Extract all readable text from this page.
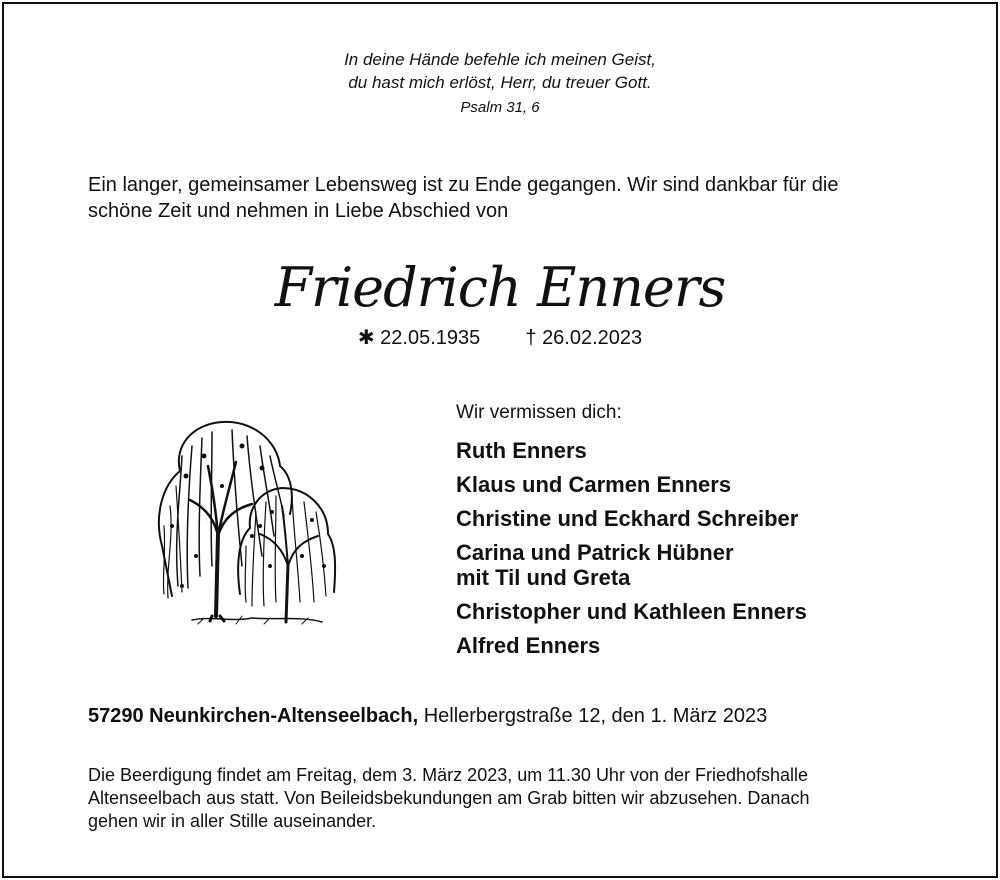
In deine Hände befehle ich meinen Geist,
du hast mich erlöst, Herr, du treuer Gott.
Psalm 31, 6
Ein langer, gemeinsamer Lebensweg ist zu Ende gegangen. Wir sind dankbar für die
schöne Zeit und nehmen in Liebe Abschied von
Friedrich Enners
✱ 22.05.1935 † 26.02.2023
Wir vermissen dich:
Ruth Enners
Klaus und Carmen Enners
Christine und Eckhard Schreiber
Carina und Patrick Hübner
mit Til und Greta
Christopher und Kathleen Enners
Alfred Enners
57290 Neunkirchen-Altenseelbach, Hellerbergstraße 12, den 1. März 2023
Die Beerdigung findet am Freitag, dem 3. März 2023, um 11.30 Uhr von der Friedhofshalle
Altenseelbach aus statt. Von Beileidsbekundungen am Grab bitten wir abzusehen. Danach
gehen wir in aller Stille auseinander.
